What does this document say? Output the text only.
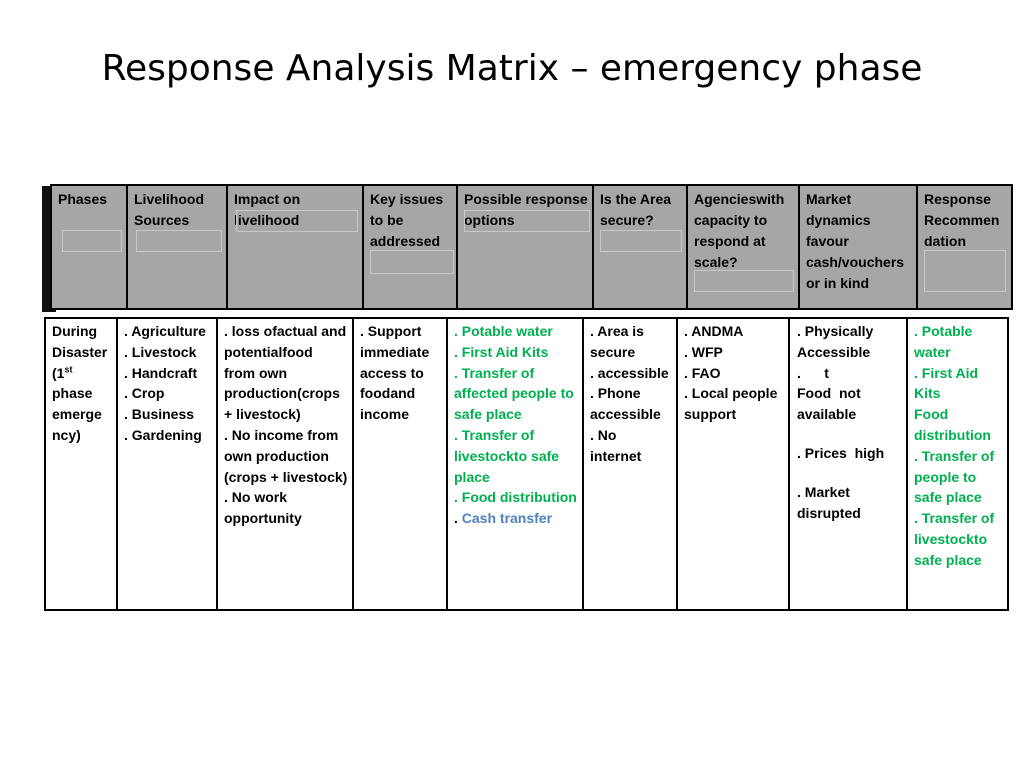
Response Analysis Matrix – emergency phase
Phases	Livelihood Sources
Impact on livelihood
Key issues to be addressed
Possible response options
Is the Area secure?
Agencieswith capacity to respond at scale?
Market dynamics favour cash/vouchers or in kind
Response Recommen dation
During
Disaster
(1st
phase
emerge
ncy)
. Agriculture
. Livestock
. Handcraft
. Crop
. Business
. Gardening
. loss ofactual and
potentialfood
from own
production(crops
+ livestock)
. No income from
own production
(crops + livestock)
. No work
opportunity
. Support
immediate
access to
foodand
income
. Potable water
. First Aid Kits
. Transfer of
affected people to
safe place
. Transfer of
livestockto safe
place
. Food distribution
. Cash transfer
. Area is
secure
. accessible
. Phone
accessible
. No
internet
. ANDMA
. WFP
. FAO
. Local people
support
. Physically
Accessible
.      t
Food  not
available
. Prices  high
. Market
disrupted
. Potable
water
. First Aid
Kits
Food
distribution
. Transfer of
people to
safe place
. Transfer of
livestockto
safe place
